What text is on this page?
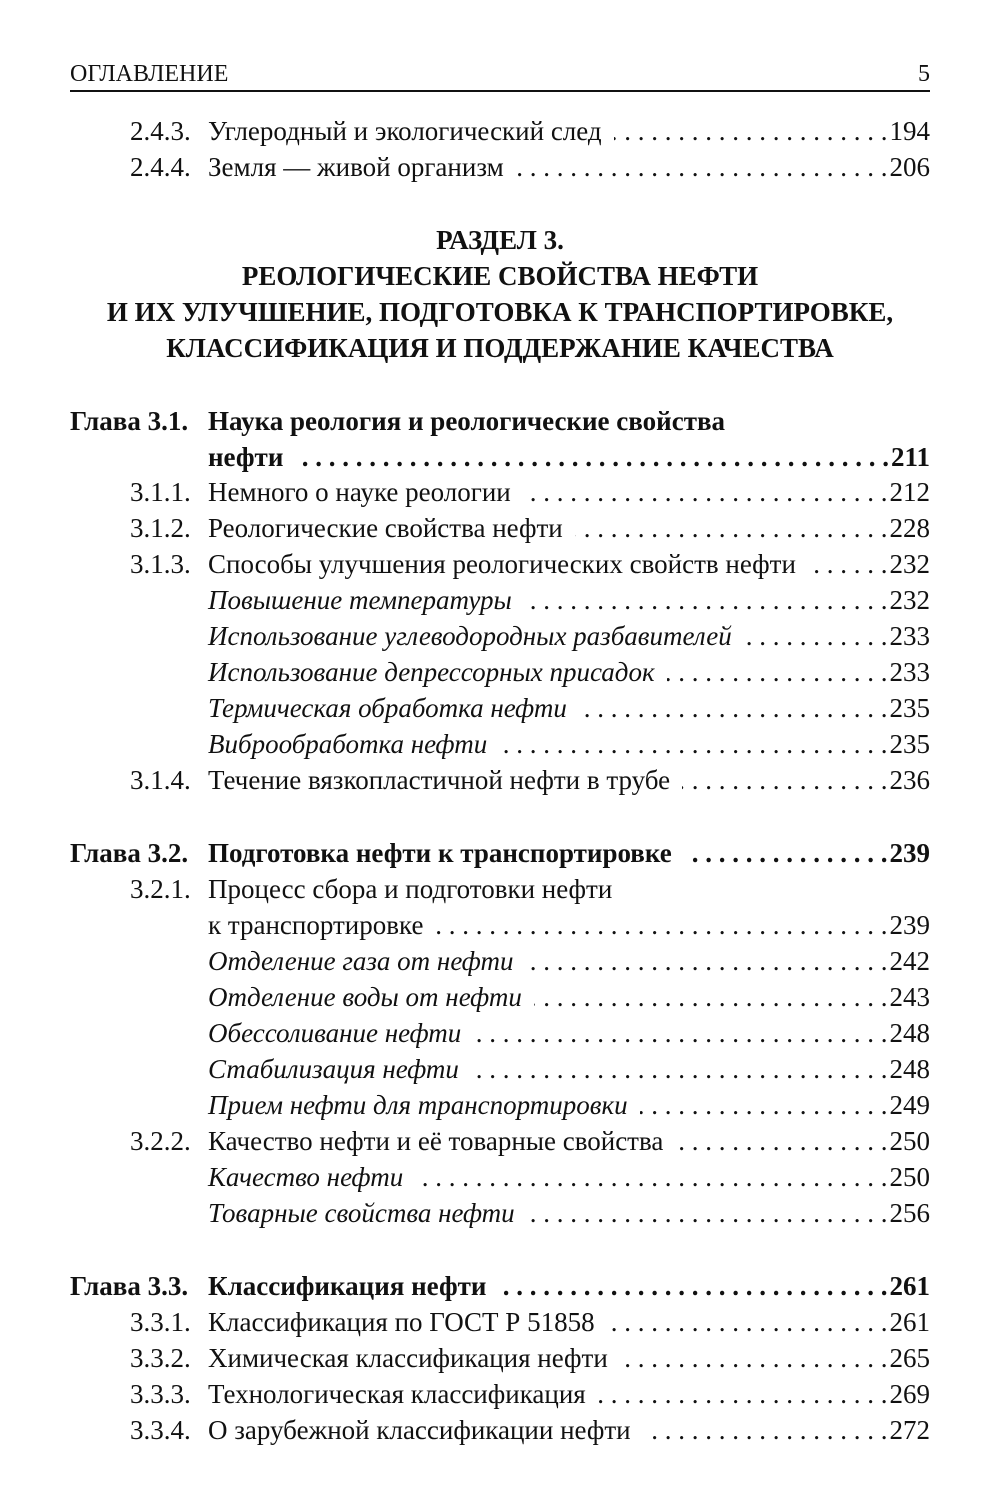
ОГЛАВЛЕНИЕ	5
РАЗДЕЛ 3.
РЕОЛОГИЧЕСКИЕ СВОЙСТВА НЕФТИ
И ИХ УЛУЧШЕНИЕ, ПОДГОТОВКА К ТРАНСПОРТИРОВКЕ,
КЛАССИФИКАЦИЯ И ПОДДЕРЖАНИЕ КАЧЕСТВА
2.4.3. Углеродный и экологический след . . .	194
2.4.4. Земля — живой организм . . .	206
Глава 3.1. Наука реология и реологические свойства
нефти . . .	211
3.1.1. Немного о науке реологии . . .	212
3.1.2. Реологические свойства нефти . . .	228
3.1.3. Способы улучшения реологических свойств нефти . . .	232
Повышение температуры . . .	232
Использование углеводородных разбавителей . . .	233
Использование депрессорных присадок . . .	233
Термическая обработка нефти . . .	235
Виброобработка нефти . . .	235
3.1.4. Течение вязкопластичной нефти в трубе . . .	236
Глава 3.2. Подготовка нефти к транспортировке . . .	239
3.2.1. Процесс сбора и подготовки нефти
к транспортировке . . .	239
Отделение газа от нефти . . .	242
Отделение воды от нефти . . .	243
Обессоливание нефти . . .	248
Стабилизация нефти . . .	248
Прием нефти для транспортировки . . .	249
3.2.2. Качество нефти и её товарные свойства . . .	250
Качество нефти . . .	250
Товарные свойства нефти . . .	256
Глава 3.3. Классификация нефти . . .	261
3.3.1. Классификация по ГОСТ Р 51858 . . .	261
3.3.2. Химическая классификация нефти . . .	265
3.3.3. Технологическая классификация . . .	269
3.3.4. О зарубежной классификации нефти . . .	272
